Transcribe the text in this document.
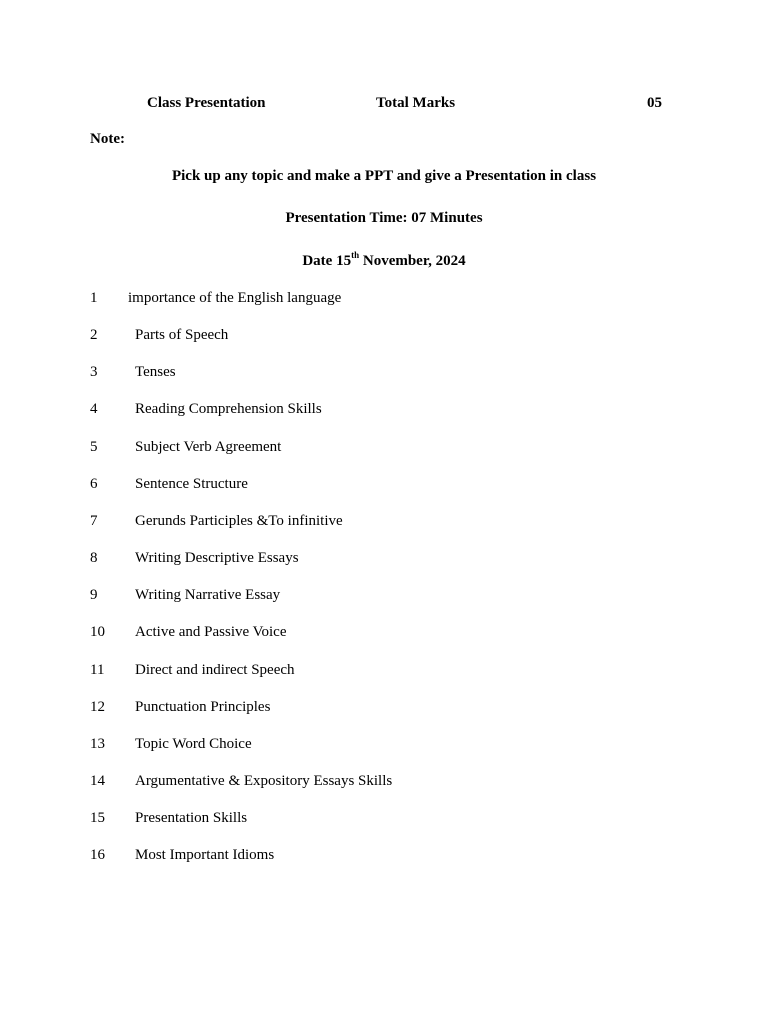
Class Presentation	Total Marks	05
Note:
Pick up any topic and make a PPT and give a Presentation in class
Presentation Time: 07 Minutes
Date 15th November, 2024
1 importance of the English language
2	Parts of Speech
3	Tenses
4	Reading Comprehension Skills
5	Subject Verb Agreement
6	Sentence Structure
7	Gerunds Participles &To infinitive
8	Writing Descriptive Essays
9	Writing Narrative Essay
10 Active and Passive Voice
11 Direct and indirect Speech
12 Punctuation Principles
13 Topic Word Choice
14 Argumentative & Expository Essays Skills
15 Presentation Skills
16 Most Important Idioms
